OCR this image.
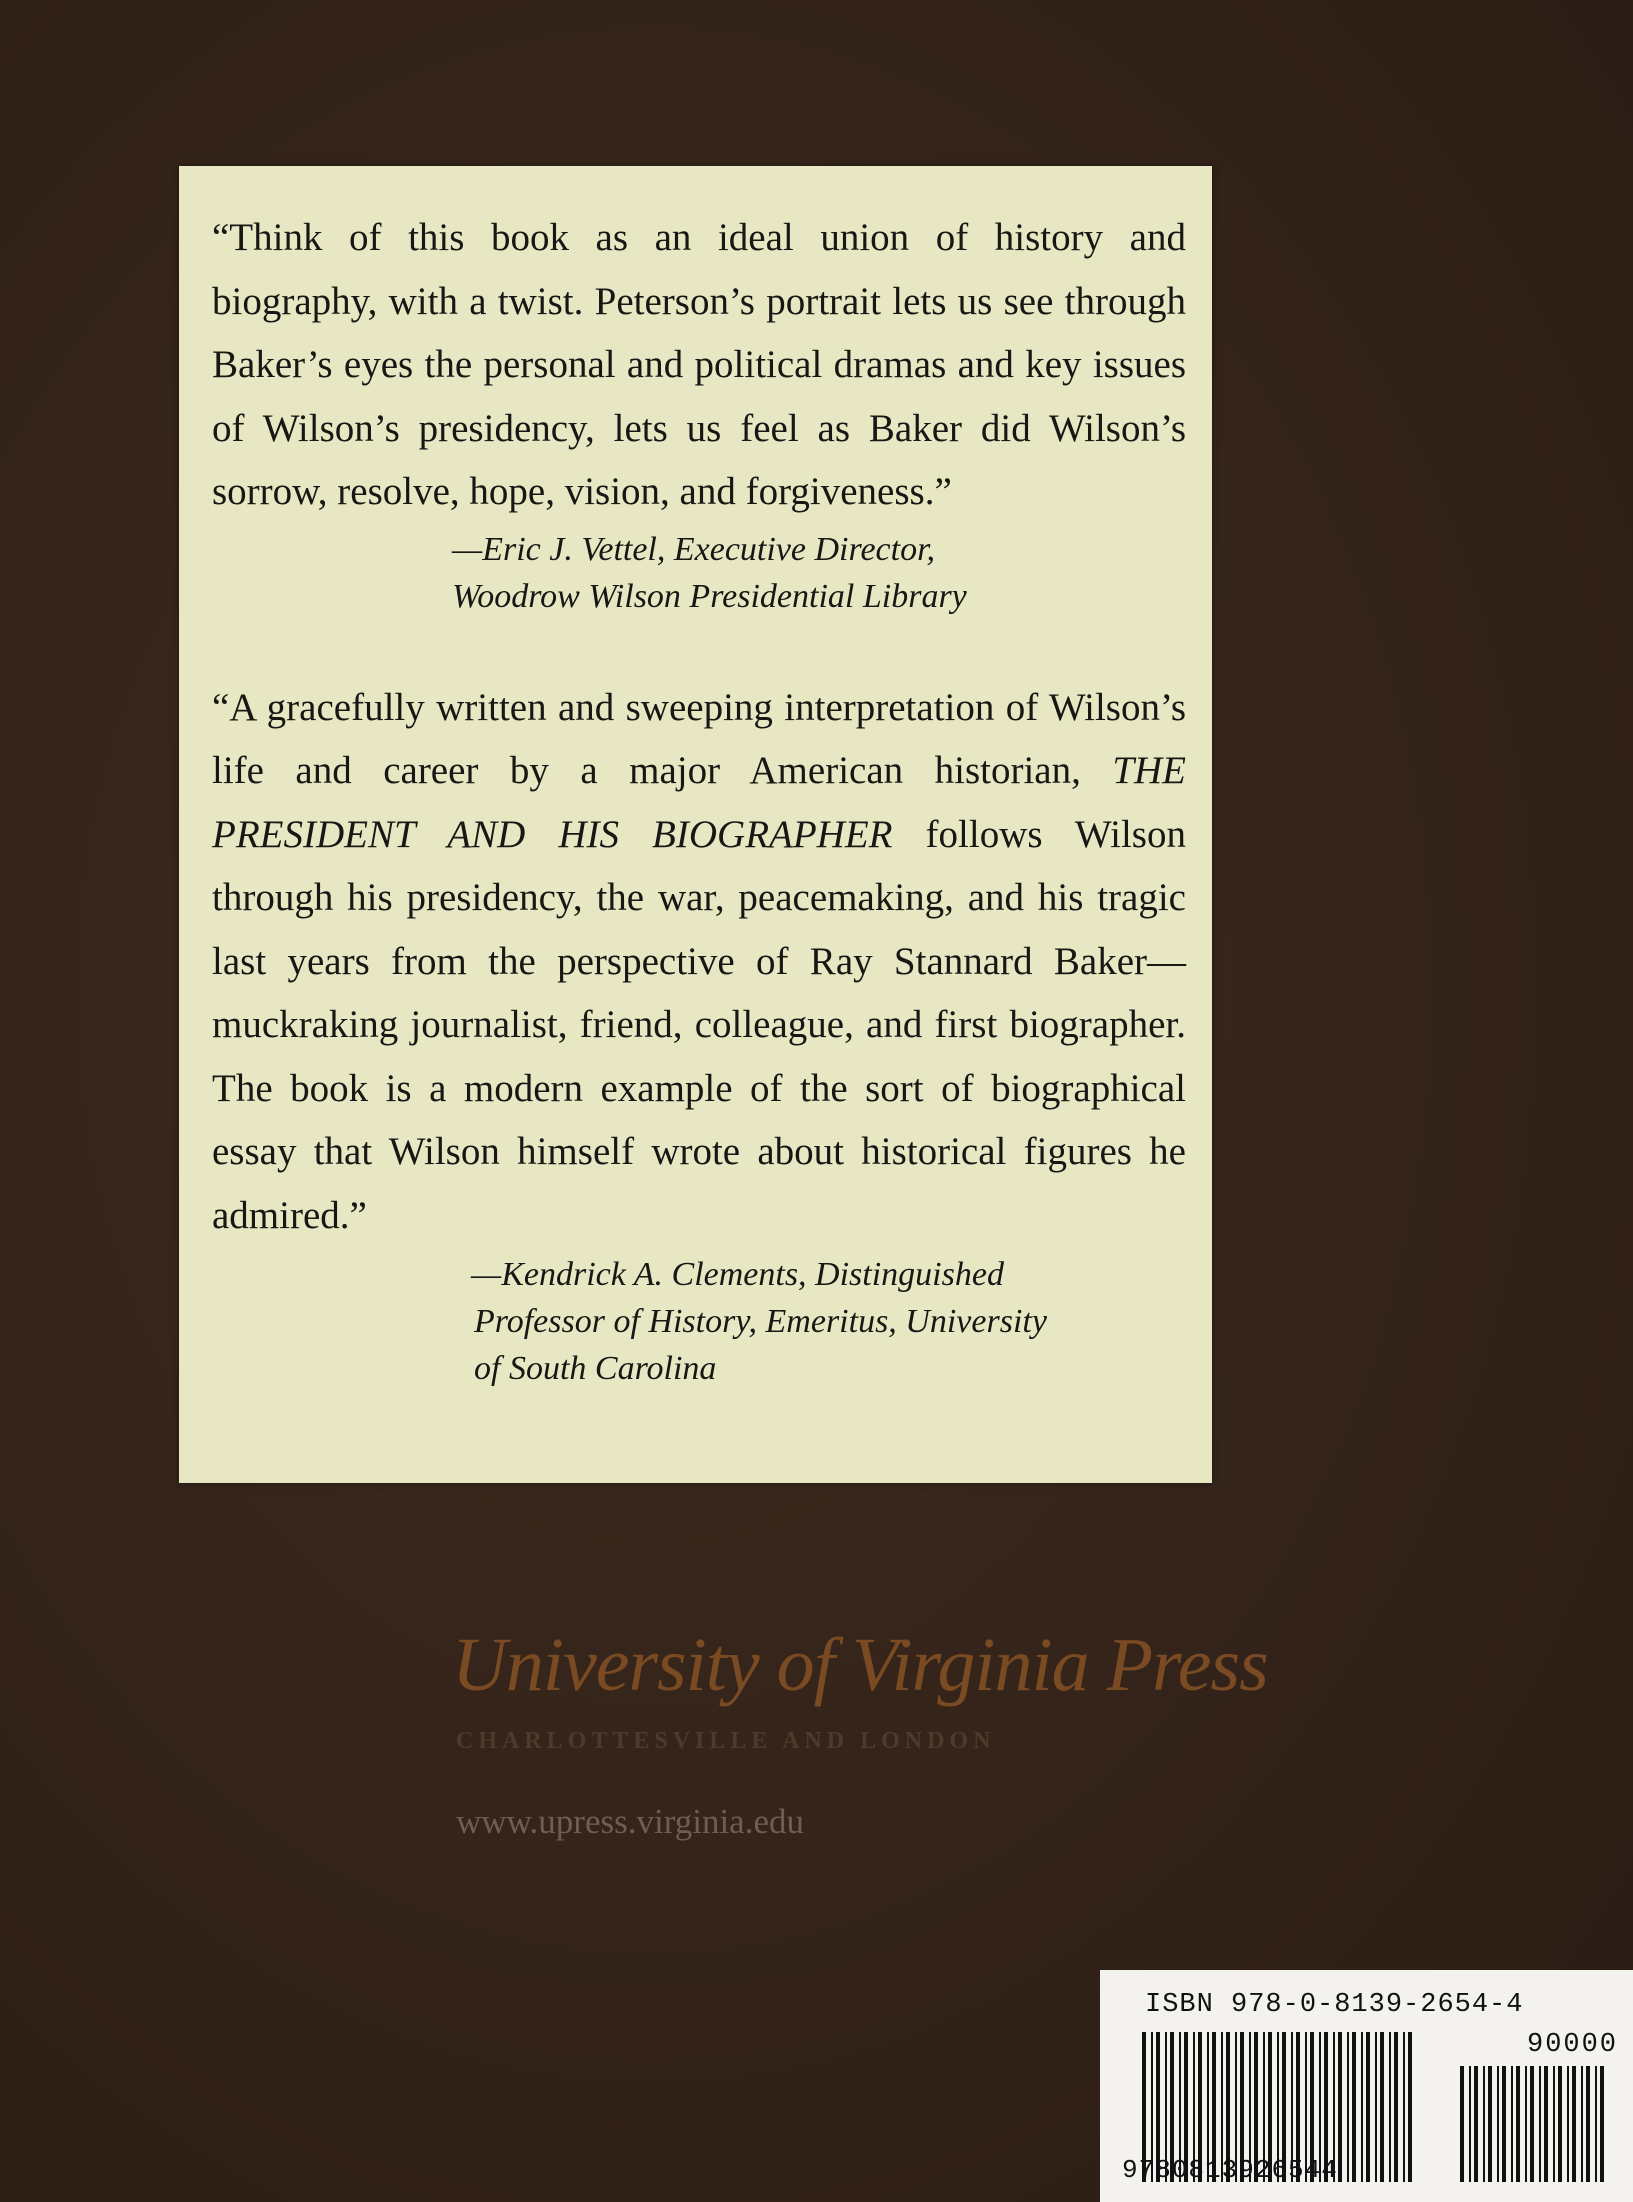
“Think of this book as an ideal union of history and biography, with a twist. Peterson’s portrait lets us see through Baker’s eyes the personal and political dramas and key issues of Wilson’s presidency, lets us feel as Baker did Wilson’s sorrow, resolve, hope, vision, and forgiveness.”

—Eric J. Vettel, Executive Director,
Woodrow Wilson Presidential Library

“A gracefully written and sweeping interpretation of Wilson’s life and career by a major American historian, THE PRESIDENT AND HIS BIOGRAPHER follows Wilson through his presidency, the war, peacemaking, and his tragic last years from the perspective of Ray Stannard Baker—muckraking journalist, friend, colleague, and first biographer. The book is a modern example of the sort of biographical essay that Wilson himself wrote about historical figures he admired.”

—Kendrick A. Clements, Distinguished
Professor of History, Emeritus, University
of South Carolina
University of Virginia Press
CHARLOTTESVILLE AND LONDON
www.upress.virginia.edu
ISBN 978-0-8139-2654-4
90000
9780813926544
